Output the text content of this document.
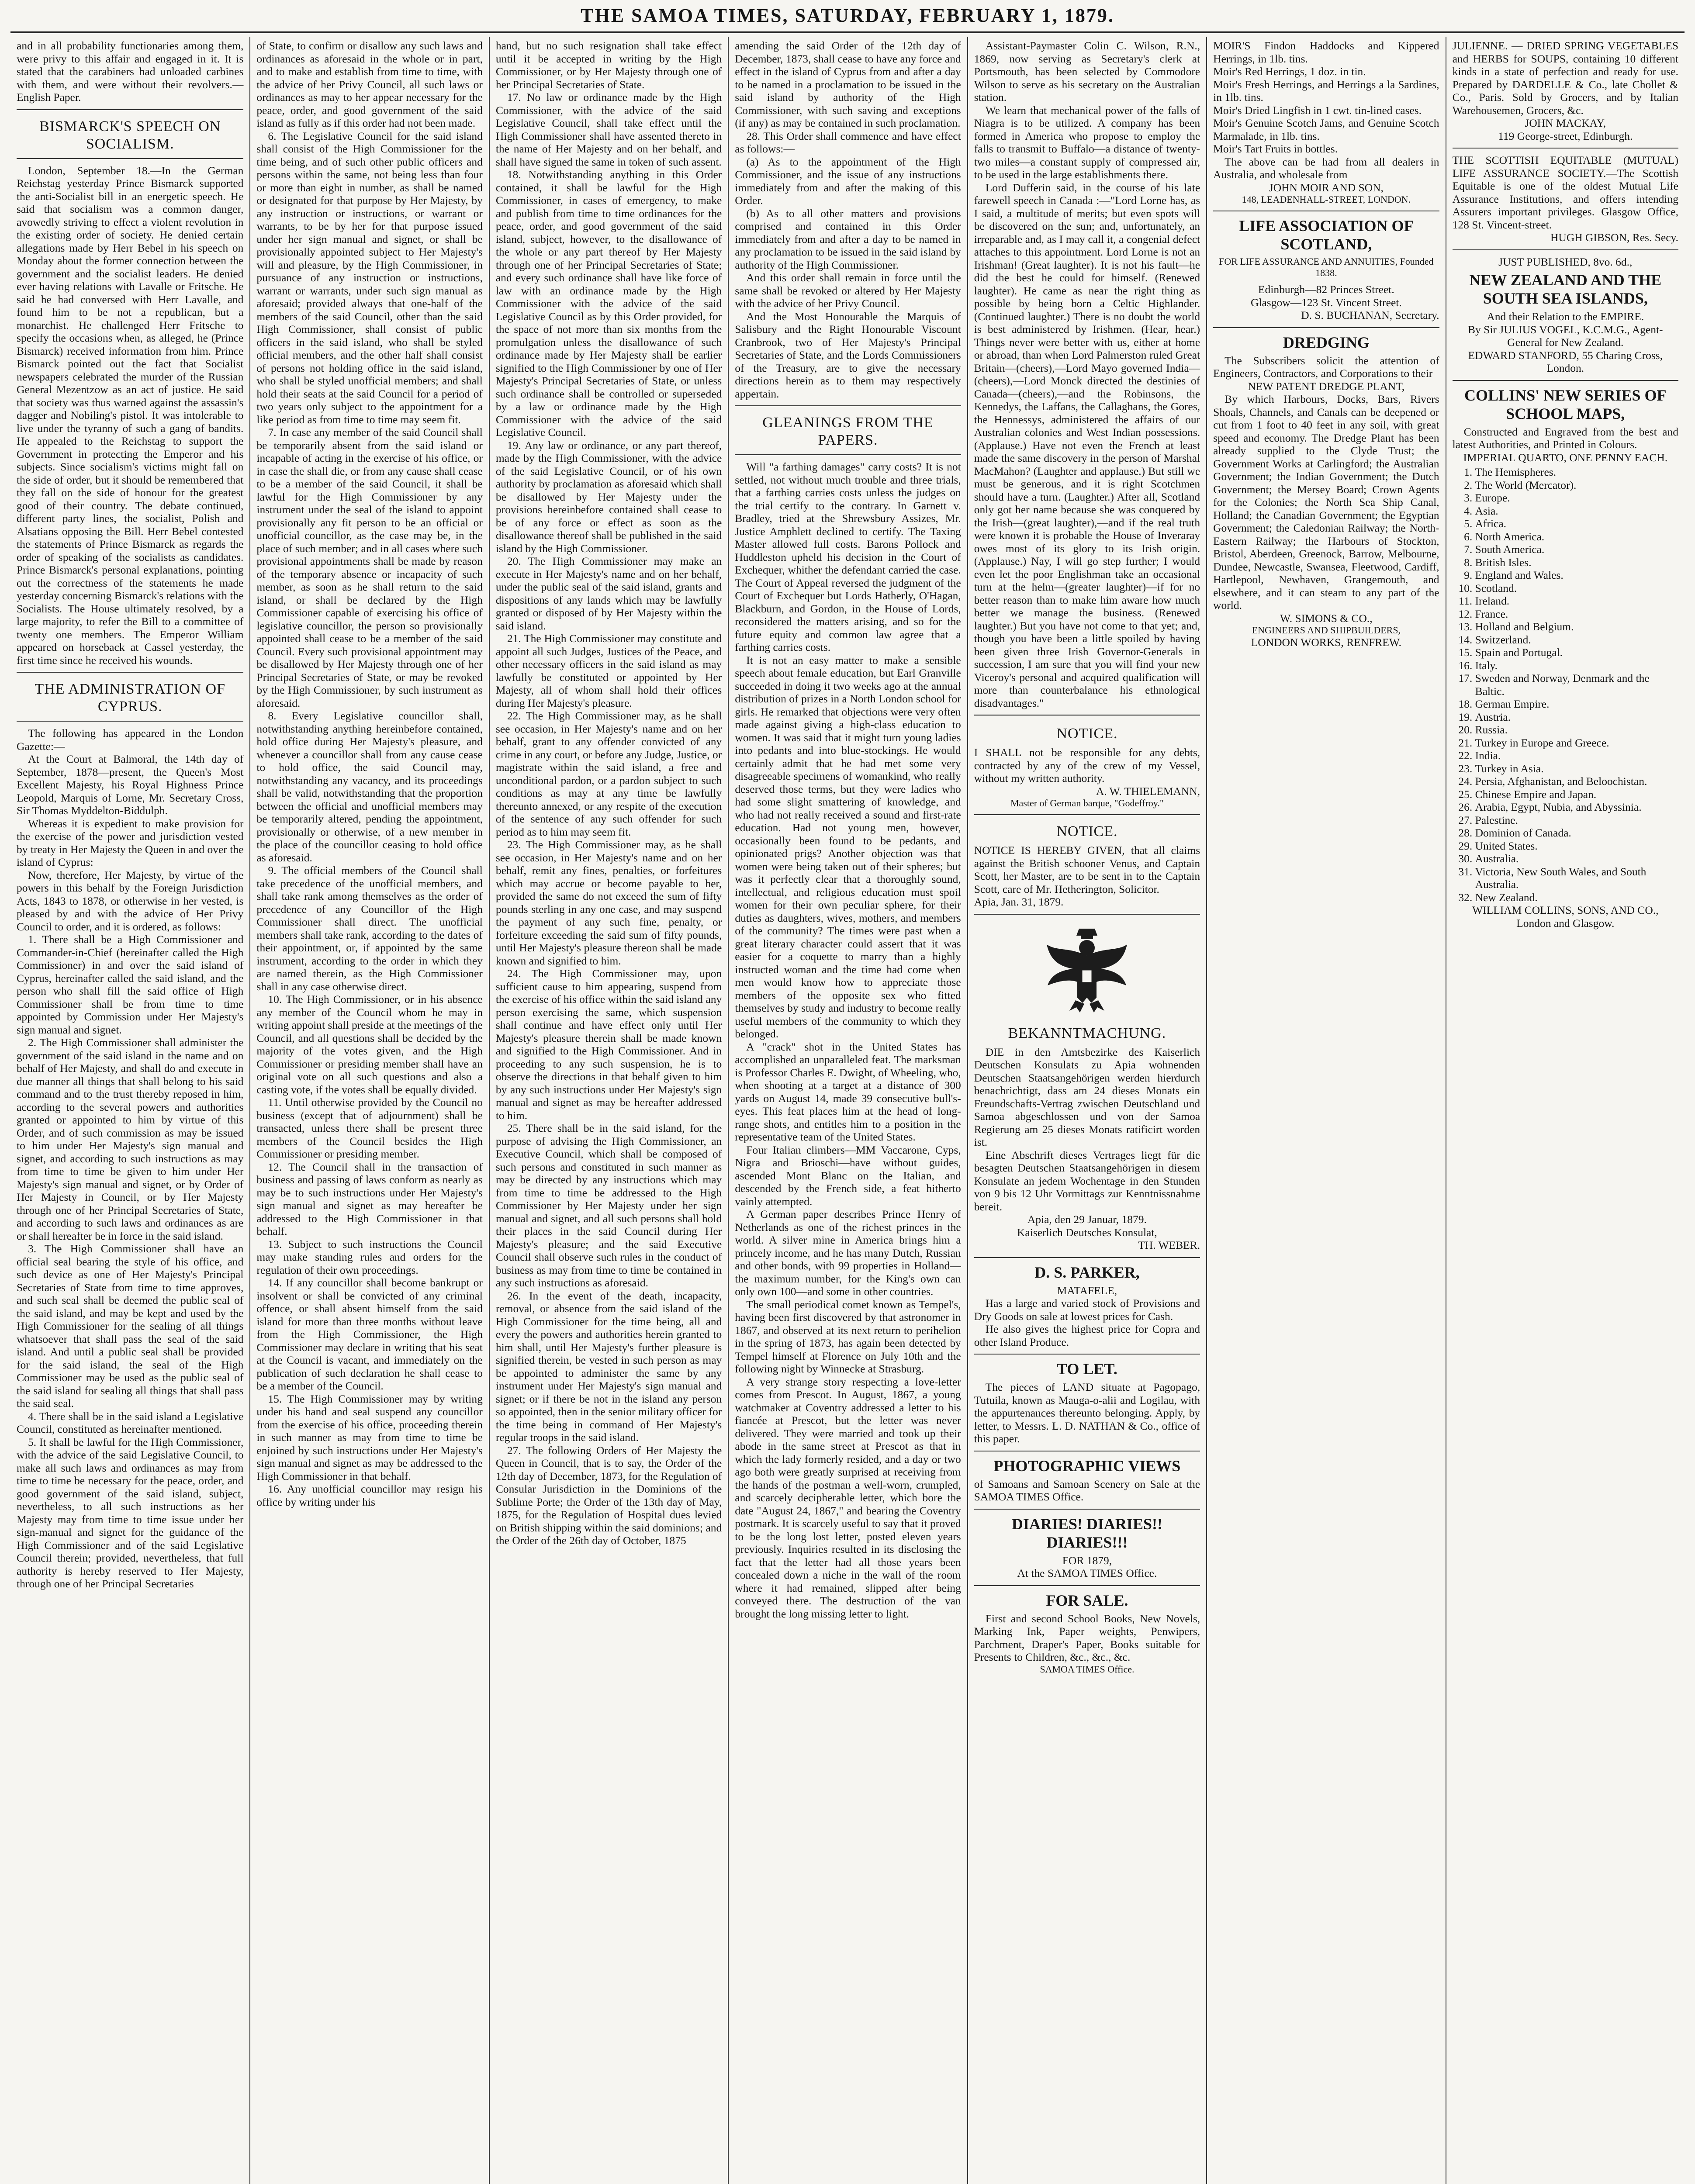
THE SAMOA TIMES, SATURDAY, FEBRUARY 1, 1879.

and in all probability functionaries among them, were privy to this affair and engaged in it. It is stated that the carabiners had unloaded carbines with them, and were without their revolvers.—English Paper.

BISMARCK'S SPEECH ON SOCIALISM.

London, September 18.—In the German Reichstag yesterday Prince Bismarck supported the anti-Socialist bill in an energetic speech. He said that socialism was a common danger, avowedly striving to effect a violent revolution in the existing order of society. He denied certain allegations made by Herr Bebel in his speech on Monday about the former connection between the government and the socialist leaders. He denied ever having relations with Lavalle or Fritsche. He said he had conversed with Herr Lavalle, and found him to be not a republican, but a monarchist. He challenged Herr Fritsche to specify the occasions when, as alleged, he (Prince Bismarck) received information from him. Prince Bismarck pointed out the fact that Socialist newspapers celebrated the murder of the Russian General Mezentzow as an act of justice. He said that society was thus warned against the assassin's dagger and Nobiling's pistol. It was intolerable to live under the tyranny of such a gang of bandits. He appealed to the Reichstag to support the Government in protecting the Emperor and his subjects. Since socialism's victims might fall on the side of order, but it should be remembered that they fall on the side of honour for the greatest good of their country. The debate continued, different party lines, the socialist, Polish and Alsatians opposing the Bill. Herr Bebel contested the statements of Prince Bismarck as regards the order of speaking of the socialists as candidates. Prince Bismarck's personal explanations, pointing out the correctness of the statements he made yesterday concerning Bismarck's relations with the Socialists. The House ultimately resolved, by a large majority, to refer the Bill to a committee of twenty one members. The Emperor William appeared on horseback at Cassel yesterday, the first time since he received his wounds.

THE ADMINISTRATION OF CYPRUS.

The following has appeared in the London Gazette:—

At the Court at Balmoral, the 14th day of September, 1878—present, the Queen's Most Excellent Majesty, his Royal Highness Prince Leopold, Marquis of Lorne, Mr. Secretary Cross, Sir Thomas Myddelton-Biddulph.

Whereas it is expedient to make provision for the exercise of the power and jurisdiction vested by treaty in Her Majesty the Queen in and over the island of Cyprus:

Now, therefore, Her Majesty, by virtue of the powers in this behalf by the Foreign Jurisdiction Acts, 1843 to 1878, or otherwise in her vested, is pleased by and with the advice of Her Privy Council to order, and it is ordered, as follows:

1. There shall be a High Commissioner and Commander-in-Chief (hereinafter called the High Commissioner) in and over the said island of Cyprus, hereinafter called the said island, and the person who shall fill the said office of High Commissioner shall be from time to time appointed by Commission under Her Majesty's sign manual and signet.

2. The High Commissioner shall administer the government of the said island in the name and on behalf of Her Majesty, and shall do and execute in due manner all things that shall belong to his said command and to the trust thereby reposed in him, according to the several powers and authorities granted or appointed to him by virtue of this Order, and of such commission as may be issued to him under Her Majesty's sign manual and signet, and according to such instructions as may from time to time be given to him under Her Majesty's sign manual and signet, or by Order of Her Majesty in Council, or by Her Majesty through one of her Principal Secretaries of State, and according to such laws and ordinances as are or shall hereafter be in force in the said island.

3. The High Commissioner shall have an official seal bearing the style of his office, and such device as one of Her Majesty's Principal Secretaries of State from time to time approves, and such seal shall be deemed the public seal of the said island, and may be kept and used by the High Commissioner for the sealing of all things whatsoever that shall pass the seal of the said island. And until a public seal shall be provided for the said island, the seal of the High Commissioner may be used as the public seal of the said island for sealing all things that shall pass the said seal.

4. There shall be in the said island a Legislative Council, constituted as hereinafter mentioned.

5. It shall be lawful for the High Commissioner, with the advice of the said Legislative Council, to make all such laws and ordinances as may from time to time be necessary for the peace, order, and good government of the said island, subject, nevertheless, to all such instructions as her Majesty may from time to time issue under her sign-manual and signet for the guidance of the High Commissioner and of the said Legislative Council therein; provided, nevertheless, that full authority is hereby reserved to Her Majesty, through one of her Principal Secretaries

of State, to confirm or disallow any such laws and ordinances as aforesaid in the whole or in part, and to make and establish from time to time, with the advice of her Privy Council, all such laws or ordinances as may to her appear necessary for the peace, order, and good government of the said island as fully as if this order had not been made.

6. The Legislative Council for the said island shall consist of the High Commissioner for the time being, and of such other public officers and persons within the same, not being less than four or more than eight in number, as shall be named or designated for that purpose by Her Majesty, by any instruction or instructions, or warrant or warrants, to be by her for that purpose issued under her sign manual and signet, or shall be provisionally appointed subject to Her Majesty's will and pleasure, by the High Commissioner, in pursuance of any instruction or instructions, warrant or warrants, under such sign manual as aforesaid; provided always that one-half of the members of the said Council, other than the said High Commissioner, shall consist of public officers in the said island, who shall be styled official members, and the other half shall consist of persons not holding office in the said island, who shall be styled unofficial members; and shall hold their seats at the said Council for a period of two years only subject to the appointment for a like period as from time to time may seem fit.

7. In case any member of the said Council shall be temporarily absent from the said island or incapable of acting in the exercise of his office, or in case the shall die, or from any cause shall cease to be a member of the said Council, it shall be lawful for the High Commissioner by any instrument under the seal of the island to appoint provisionally any fit person to be an official or unofficial councillor, as the case may be, in the place of such member; and in all cases where such provisional appointments shall be made by reason of the temporary absence or incapacity of such member, as soon as he shall return to the said island, or shall be declared by the High Commissioner capable of exercising his office of legislative councillor, the person so provisionally appointed shall cease to be a member of the said Council. Every such provisional appointment may be disallowed by Her Majesty through one of her Principal Secretaries of State, or may be revoked by the High Commissioner, by such instrument as aforesaid.

8. Every Legislative councillor shall, notwithstanding anything hereinbefore contained, hold office during Her Majesty's pleasure, and whenever a councillor shall from any cause cease to hold office, the said Council may, notwithstanding any vacancy, and its proceedings shall be valid, notwithstanding that the proportion between the official and unofficial members may be temporarily altered, pending the appointment, provisionally or otherwise, of a new member in the place of the councillor ceasing to hold office as aforesaid.

9. The official members of the Council shall take precedence of the unofficial members, and shall take rank among themselves as the order of precedence of any Councillor of the High Commissioner shall direct. The unofficial members shall take rank, according to the dates of their appointment, or, if appointed by the same instrument, according to the order in which they are named therein, as the High Commissioner shall in any case otherwise direct.

10. The High Commissioner, or in his absence any member of the Council whom he may in writing appoint shall preside at the meetings of the Council, and all questions shall be decided by the majority of the votes given, and the High Commissioner or presiding member shall have an original vote on all such questions and also a casting vote, if the votes shall be equally divided.

11. Until otherwise provided by the Council no business (except that of adjournment) shall be transacted, unless there shall be present three members of the Council besides the High Commissioner or presiding member.

12. The Council shall in the transaction of business and passing of laws conform as nearly as may be to such instructions under Her Majesty's sign manual and signet as may hereafter be addressed to the High Commissioner in that behalf.

13. Subject to such instructions the Council may make standing rules and orders for the regulation of their own proceedings.

14. If any councillor shall become bankrupt or insolvent or shall be convicted of any criminal offence, or shall absent himself from the said island for more than three months without leave from the High Commissioner, the High Commissioner may declare in writing that his seat at the Council is vacant, and immediately on the publication of such declaration he shall cease to be a member of the Council.

15. The High Commissioner may by writing under his hand and seal suspend any councillor from the exercise of his office, proceeding therein in such manner as may from time to time be enjoined by such instructions under Her Majesty's sign manual and signet as may be addressed to the High Commissioner in that behalf.

16. Any unofficial councillor may resign his office by writing under his

hand, but no such resignation shall take effect until it be accepted in writing by the High Commissioner, or by Her Majesty through one of her Principal Secretaries of State.

17. No law or ordinance made by the High Commissioner, with the advice of the said Legislative Council, shall take effect until the High Commissioner shall have assented thereto in the name of Her Majesty and on her behalf, and shall have signed the same in token of such assent.

18. Notwithstanding anything in this Order contained, it shall be lawful for the High Commissioner, in cases of emergency, to make and publish from time to time ordinances for the peace, order, and good government of the said island, subject, however, to the disallowance of the whole or any part thereof by Her Majesty through one of her Principal Secretaries of State; and every such ordinance shall have like force of law with an ordinance made by the High Commissioner with the advice of the said Legislative Council as by this Order provided, for the space of not more than six months from the promulgation unless the disallowance of such ordinance made by Her Majesty shall be earlier signified to the High Commissioner by one of Her Majesty's Principal Secretaries of State, or unless such ordinance shall be controlled or superseded by a law or ordinance made by the High Commissioner with the advice of the said Legislative Council.

19. Any law or ordinance, or any part thereof, made by the High Commissioner, with the advice of the said Legislative Council, or of his own authority by proclamation as aforesaid which shall be disallowed by Her Majesty under the provisions hereinbefore contained shall cease to be of any force or effect as soon as the disallowance thereof shall be published in the said island by the High Commissioner.

20. The High Commissioner may make an execute in Her Majesty's name and on her behalf, under the public seal of the said island, grants and dispositions of any lands which may be lawfully granted or disposed of by Her Majesty within the said island.

21. The High Commissioner may constitute and appoint all such Judges, Justices of the Peace, and other necessary officers in the said island as may lawfully be constituted or appointed by Her Majesty, all of whom shall hold their offices during Her Majesty's pleasure.

22. The High Commissioner may, as he shall see occasion, in Her Majesty's name and on her behalf, grant to any offender convicted of any crime in any court, or before any Judge, Justice, or magistrate within the said island, a free and unconditional pardon, or a pardon subject to such conditions as may at any time be lawfully thereunto annexed, or any respite of the execution of the sentence of any such offender for such period as to him may seem fit.

23. The High Commissioner may, as he shall see occasion, in Her Majesty's name and on her behalf, remit any fines, penalties, or forfeitures which may accrue or become payable to her, provided the same do not exceed the sum of fifty pounds sterling in any one case, and may suspend the payment of any such fine, penalty, or forfeiture exceeding the said sum of fifty pounds, until Her Majesty's pleasure thereon shall be made known and signified to him.

24. The High Commissioner may, upon sufficient cause to him appearing, suspend from the exercise of his office within the said island any person exercising the same, which suspension shall continue and have effect only until Her Majesty's pleasure therein shall be made known and signified to the High Commissioner. And in proceeding to any such suspension, he is to observe the directions in that behalf given to him by any such instructions under Her Majesty's sign manual and signet as may be hereafter addressed to him.

25. There shall be in the said island, for the purpose of advising the High Commissioner, an Executive Council, which shall be composed of such persons and constituted in such manner as may be directed by any instructions which may from time to time be addressed to the High Commissioner by Her Majesty under her sign manual and signet, and all such persons shall hold their places in the said Council during Her Majesty's pleasure; and the said Executive Council shall observe such rules in the conduct of business as may from time to time be contained in any such instructions as aforesaid.

26. In the event of the death, incapacity, removal, or absence from the said island of the High Commissioner for the time being, all and every the powers and authorities herein granted to him shall, until Her Majesty's further pleasure is signified therein, be vested in such person as may be appointed to administer the same by any instrument under Her Majesty's sign manual and signet; or if there be not in the island any person so appointed, then in the senior military officer for the time being in command of Her Majesty's regular troops in the said island.

27. The following Orders of Her Majesty the Queen in Council, that is to say, the Order of the 12th day of December, 1873, for the Regulation of Consular Jurisdiction in the Dominions of the Sublime Porte; the Order of the 13th day of May, 1875, for the Regulation of Hospital dues levied on British shipping within the said dominions; and the Order of the 26th day of October, 1875

amending the said Order of the 12th day of December, 1873, shall cease to have any force and effect in the island of Cyprus from and after a day to be named in a proclamation to be issued in the said island by authority of the High Commissioner, with such saving and exceptions (if any) as may be contained in such proclamation.

28. This Order shall commence and have effect as follows:—

(a) As to the appointment of the High Commissioner, and the issue of any instructions immediately from and after the making of this Order.

(b) As to all other matters and provisions comprised and contained in this Order immediately from and after a day to be named in any proclamation to be issued in the said island by authority of the High Commissioner.

And this order shall remain in force until the same shall be revoked or altered by Her Majesty with the advice of her Privy Council.

And the Most Honourable the Marquis of Salisbury and the Right Honourable Viscount Cranbrook, two of Her Majesty's Principal Secretaries of State, and the Lords Commissioners of the Treasury, are to give the necessary directions herein as to them may respectively appertain.

GLEANINGS FROM THE PAPERS.

Will "a farthing damages" carry costs? It is not settled, not without much trouble and three trials, that a farthing carries costs unless the judges on the trial certify to the contrary. In Garnett v. Bradley, tried at the Shrewsbury Assizes, Mr. Justice Amphlett declined to certify. The Taxing Master allowed full costs. Barons Pollock and Huddleston upheld his decision in the Court of Exchequer, whither the defendant carried the case. The Court of Appeal reversed the judgment of the Court of Exchequer but Lords Hatherly, O'Hagan, Blackburn, and Gordon, in the House of Lords, reconsidered the matters arising, and so for the future equity and common law agree that a farthing carries costs.

It is not an easy matter to make a sensible speech about female education, but Earl Granville succeeded in doing it two weeks ago at the annual distribution of prizes in a North London school for girls. He remarked that objections were very often made against giving a high-class education to women. It was said that it might turn young ladies into pedants and into blue-stockings. He would certainly admit that he had met some very disagreeable specimens of womankind, who really deserved those terms, but they were ladies who had some slight smattering of knowledge, and who had not really received a sound and first-rate education. Had not young men, however, occasionally been found to be pedants, and opinionated prigs? Another objection was that women were being taken out of their spheres; but was it perfectly clear that a thoroughly sound, intellectual, and religious education must spoil women for their own peculiar sphere, for their duties as daughters, wives, mothers, and members of the community? The times were past when a great literary character could assert that it was easier for a coquette to marry than a highly instructed woman and the time had come when men would know how to appreciate those members of the opposite sex who fitted themselves by study and industry to become really useful members of the community to which they belonged.

A "crack" shot in the United States has accomplished an unparalleled feat. The marksman is Professor Charles E. Dwight, of Wheeling, who, when shooting at a target at a distance of 300 yards on August 14, made 39 consecutive bull's-eyes. This feat places him at the head of long-range shots, and entitles him to a position in the representative team of the United States.

Four Italian climbers—MM Vaccarone, Cyps, Nigra and Brioschi—have without guides, ascended Mont Blanc on the Italian, and descended by the French side, a feat hitherto vainly attempted.

A German paper describes Prince Henry of Netherlands as one of the richest princes in the world. A silver mine in America brings him a princely income, and he has many Dutch, Russian and other bonds, with 99 properties in Holland—the maximum number, for the King's own can only own 100—and some in other countries.

The small periodical comet known as Tempel's, having been first discovered by that astronomer in 1867, and observed at its next return to perihelion in the spring of 1873, has again been detected by Tempel himself at Florence on July 10th and the following night by Winnecke at Strasburg.

A very strange story respecting a love-letter comes from Prescot. In August, 1867, a young watchmaker at Coventry addressed a letter to his fiancée at Prescot, but the letter was never delivered. They were married and took up their abode in the same street at Prescot as that in which the lady formerly resided, and a day or two ago both were greatly surprised at receiving from the hands of the postman a well-worn, crumpled, and scarcely decipherable letter, which bore the date "August 24, 1867," and bearing the Coventry postmark. It is scarcely useful to say that it proved to be the long lost letter, posted eleven years previously. Inquiries resulted in its disclosing the fact that the letter had all those years been concealed down a niche in the wall of the room where it had remained, slipped after being conveyed there. The destruction of the van brought the long missing letter to light.

Assistant-Paymaster Colin C. Wilson, R.N., 1869, now serving as Secretary's clerk at Portsmouth, has been selected by Commodore Wilson to serve as his secretary on the Australian station.

We learn that mechanical power of the falls of Niagra is to be utilized. A company has been formed in America who propose to employ the falls to transmit to Buffalo—a distance of twenty-two miles—a constant supply of compressed air, to be used in the large establishments there.

Lord Dufferin said, in the course of his late farewell speech in Canada :—"Lord Lorne has, as I said, a multitude of merits; but even spots will be discovered on the sun; and, unfortunately, an irreparable and, as I may call it, a congenial defect attaches to this appointment. Lord Lorne is not an Irishman! (Great laughter). It is not his fault—he did the best he could for himself. (Renewed laughter). He came as near the right thing as possible by being born a Celtic Highlander. (Continued laughter.) There is no doubt the world is best administered by Irishmen. (Hear, hear.) Things never were better with us, either at home or abroad, than when Lord Palmerston ruled Great Britain—(cheers),—Lord Mayo governed India—(cheers),—Lord Monck directed the destinies of Canada—(cheers),—and the Robinsons, the Kennedys, the Laffans, the Callaghans, the Gores, the Hennessys, administered the affairs of our Australian colonies and West Indian possessions. (Applause.) Have not even the French at least made the same discovery in the person of Marshal MacMahon? (Laughter and applause.) But still we must be generous, and it is right Scotchmen should have a turn. (Laughter.) After all, Scotland only got her name because she was conquered by the Irish—(great laughter),—and if the real truth were known it is probable the House of Inveraray owes most of its glory to its Irish origin. (Applause.) Nay, I will go step further; I would even let the poor Englishman take an occasional turn at the helm—(greater laughter)—if for no better reason than to make him aware how much better we manage the business. (Renewed laughter.) But you have not come to that yet; and, though you have been a little spoiled by having been given three Irish Governor-Generals in succession, I am sure that you will find your new Viceroy's personal and acquired qualification will more than counterbalance his ethnological disadvantages."

NOTICE.

I SHALL not be responsible for any debts, contracted by any of the crew of my Vessel, without my written authority.

A. W. THIELEMANN,

Master of German barque, "Godeffroy."

NOTICE.

NOTICE IS HEREBY GIVEN, that all claims against the British schooner Venus, and Captain Scott, her Master, are to be sent in to the Captain Scott, care of Mr. Hetherington, Solicitor.

Apia, Jan. 31, 1879.

BEKANNTMACHUNG.

DIE in den Amtsbezirke des Kaiserlich Deutschen Konsulats zu Apia wohnenden Deutschen Staatsangehörigen werden hierdurch benachrichtigt, dass am 24 dieses Monats ein Freundschafts-Vertrag zwischen Deutschland und Samoa abgeschlossen und von der Samoa Regierung am 25 dieses Monats ratificirt worden ist.

Eine Abschrift dieses Vertrages liegt für die besagten Deutschen Staatsangehörigen in diesem Konsulate an jedem Wochentage in den Stunden von 9 bis 12 Uhr Vormittags zur Kenntnissnahme bereit.

Apia, den 29 Januar, 1879.

Kaiserlich Deutsches Konsulat,

TH. WEBER.

D. S. PARKER,

MATAFELE,

Has a large and varied stock of Provisions and Dry Goods on sale at lowest prices for Cash.

He also gives the highest price for Copra and other Island Produce.

TO LET.

The pieces of LAND situate at Pagopago, Tutuila, known as Mauga-o-alii and Logilau, with the appurtenances thereunto belonging. Apply, by letter, to Messrs. L. D. NATHAN & Co., office of this paper.

PHOTOGRAPHIC VIEWS

of Samoans and Samoan Scenery on Sale at the SAMOA TIMES Office.

DIARIES! DIARIES!! DIARIES!!!

FOR 1879,

At the SAMOA TIMES Office.

FOR SALE.

First and second School Books, New Novels, Marking Ink, Paper weights, Penwipers, Parchment, Draper's Paper, Books suitable for Presents to Children, &c., &c., &c.

SAMOA TIMES Office.

MOIR'S Findon Haddocks and Kippered Herrings, in 1lb. tins.

Moir's Red Herrings, 1 doz. in tin.

Moir's Fresh Herrings, and Herrings a la Sardines, in 1lb. tins.

Moir's Dried Lingfish in 1 cwt. tin-lined cases.

Moir's Genuine Scotch Jams, and Genuine Scotch Marmalade, in 1lb. tins.

Moir's Tart Fruits in bottles.

The above can be had from all dealers in Australia, and wholesale from

JOHN MOIR AND SON,

148, LEADENHALL-STREET, LONDON.

LIFE ASSOCIATION OF SCOTLAND,

FOR LIFE ASSURANCE AND ANNUITIES, Founded 1838.

Edinburgh—82 Princes Street.

Glasgow—123 St. Vincent Street.

D. S. BUCHANAN, Secretary.

DREDGING

The Subscribers solicit the attention of Engineers, Contractors, and Corporations to their

NEW PATENT DREDGE PLANT,

By which Harbours, Docks, Bars, Rivers Shoals, Channels, and Canals can be deepened or cut from 1 foot to 40 feet in any soil, with great speed and economy. The Dredge Plant has been already supplied to the Clyde Trust; the Government Works at Carlingford; the Australian Government; the Indian Government; the Dutch Government; the Mersey Board; Crown Agents for the Colonies; the North Sea Ship Canal, Holland; the Canadian Government; the Egyptian Government; the Caledonian Railway; the North-Eastern Railway; the Harbours of Stockton, Bristol, Aberdeen, Greenock, Barrow, Melbourne, Dundee, Newcastle, Swansea, Fleetwood, Cardiff, Hartlepool, Newhaven, Grangemouth, and elsewhere, and it can steam to any part of the world.

W. SIMONS & CO.,

ENGINEERS AND SHIPBUILDERS,

LONDON WORKS, RENFREW.

JULIENNE. — DRIED SPRING VEGETABLES and HERBS for SOUPS, containing 10 different kinds in a state of perfection and ready for use. Prepared by DARDELLE & Co., late Chollet & Co., Paris. Sold by Grocers, and by Italian Warehousemen, Grocers, &c.

JOHN MACKAY,

119 George-street, Edinburgh.

THE SCOTTISH EQUITABLE (MUTUAL) LIFE ASSURANCE SOCIETY.—The Scottish Equitable is one of the oldest Mutual Life Assurance Institutions, and offers intending Assurers important privileges. Glasgow Office, 128 St. Vincent-street.

HUGH GIBSON, Res. Secy.

JUST PUBLISHED, 8vo. 6d.,

NEW ZEALAND AND THE SOUTH SEA ISLANDS,

And their Relation to the EMPIRE.

By Sir JULIUS VOGEL, K.C.M.G., Agent-General for New Zealand.

EDWARD STANFORD, 55 Charing Cross, London.

COLLINS' NEW SERIES OF SCHOOL MAPS,

Constructed and Engraved from the best and latest Authorities, and Printed in Colours.

IMPERIAL QUARTO, ONE PENNY EACH.

1. The Hemispheres.
2. The World (Mercator).
3. Europe.
4. Asia.
5. Africa.
6. North America.
7. South America.
8. British Isles.
9. England and Wales.
10. Scotland.
11. Ireland.
12. France.
13. Holland and Belgium.
14. Switzerland.
15. Spain and Portugal.
16. Italy.
17. Sweden and Norway, Denmark and the Baltic.
18. German Empire.
19. Austria.
20. Russia.
21. Turkey in Europe and Greece.
22. India.
23. Turkey in Asia.
24. Persia, Afghanistan, and Beloochistan.
25. Chinese Empire and Japan.
26. Arabia, Egypt, Nubia, and Abyssinia.
27. Palestine.
28. Dominion of Canada.
29. United States.
30. Australia.
31. Victoria, New South Wales, and South Australia.
32. New Zealand.

WILLIAM COLLINS, SONS, AND CO.,

London and Glasgow.
